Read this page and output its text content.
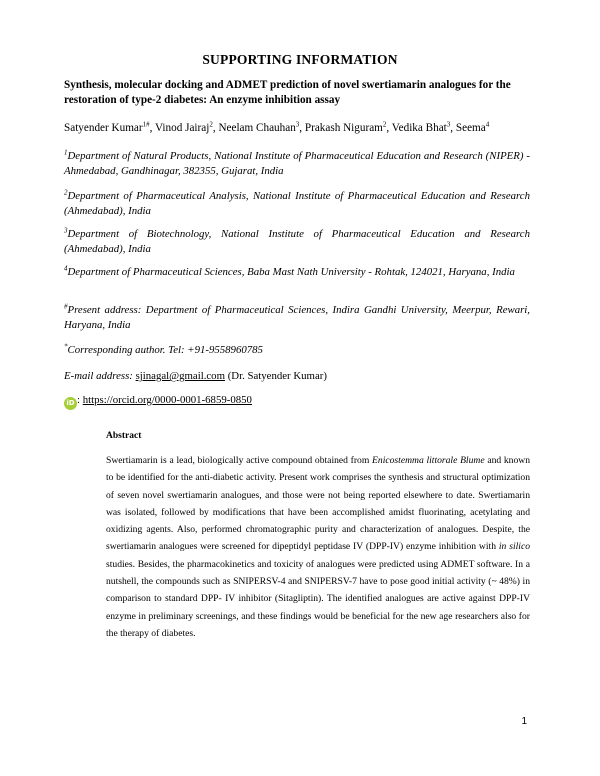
SUPPORTING INFORMATION
Synthesis, molecular docking and ADMET prediction of novel swertiamarin analogues for the restoration of type-2 diabetes: An enzyme inhibition assay
Satyender Kumar$^{1\#}$, Vinod Jairaj$^2$, Neelam Chauhan$^3$, Prakash Niguram$^2$, Vedika Bhat$^3$, Seema$^4$
$^1$Department of Natural Products, National Institute of Pharmaceutical Education and Research (NIPER) - Ahmedabad, Gandhinagar, 382355, Gujarat, India
$^2$Department of Pharmaceutical Analysis, National Institute of Pharmaceutical Education and Research (Ahmedabad), India
$^3$Department of Biotechnology, National Institute of Pharmaceutical Education and Research (Ahmedabad), India
$^4$Department of Pharmaceutical Sciences, Baba Mast Nath University - Rohtak, 124021, Haryana, India
#Present address: Department of Pharmaceutical Sciences, Indira Gandhi University, Meerpur, Rewari, Haryana, India
*Corresponding author. Tel: +91-9558960785
E-mail address: sjinagal@gmail.com (Dr. Satyender Kumar)
iD : https://orcid.org/0000-0001-6859-0850
Abstract
Swertiamarin is a lead, biologically active compound obtained from Enicostemma littorale Blume and known to be identified for the anti-diabetic activity. Present work comprises the synthesis and structural optimization of seven novel swertiamarin analogues, and those were not being reported elsewhere to date. Swertiamarin was isolated, followed by modifications that have been accomplished amidst fluorinating, acetylating and oxidizing agents. Also, performed chromatographic purity and characterization of analogues. Despite, the swertiamarin analogues were screened for dipeptidyl peptidase IV (DPP-IV) enzyme inhibition with in silico studies. Besides, the pharmacokinetics and toxicity of analogues were predicted using ADMET software. In a nutshell, the compounds such as SNIPERSV-4 and SNIPERSV-7 have to pose good initial activity (~ 48%) in comparison to standard DPP- IV inhibitor (Sitagliptin). The identified analogues are active against DPP-IV enzyme in preliminary screenings, and these findings would be beneficial for the new age researchers also for the therapy of diabetes.
1
